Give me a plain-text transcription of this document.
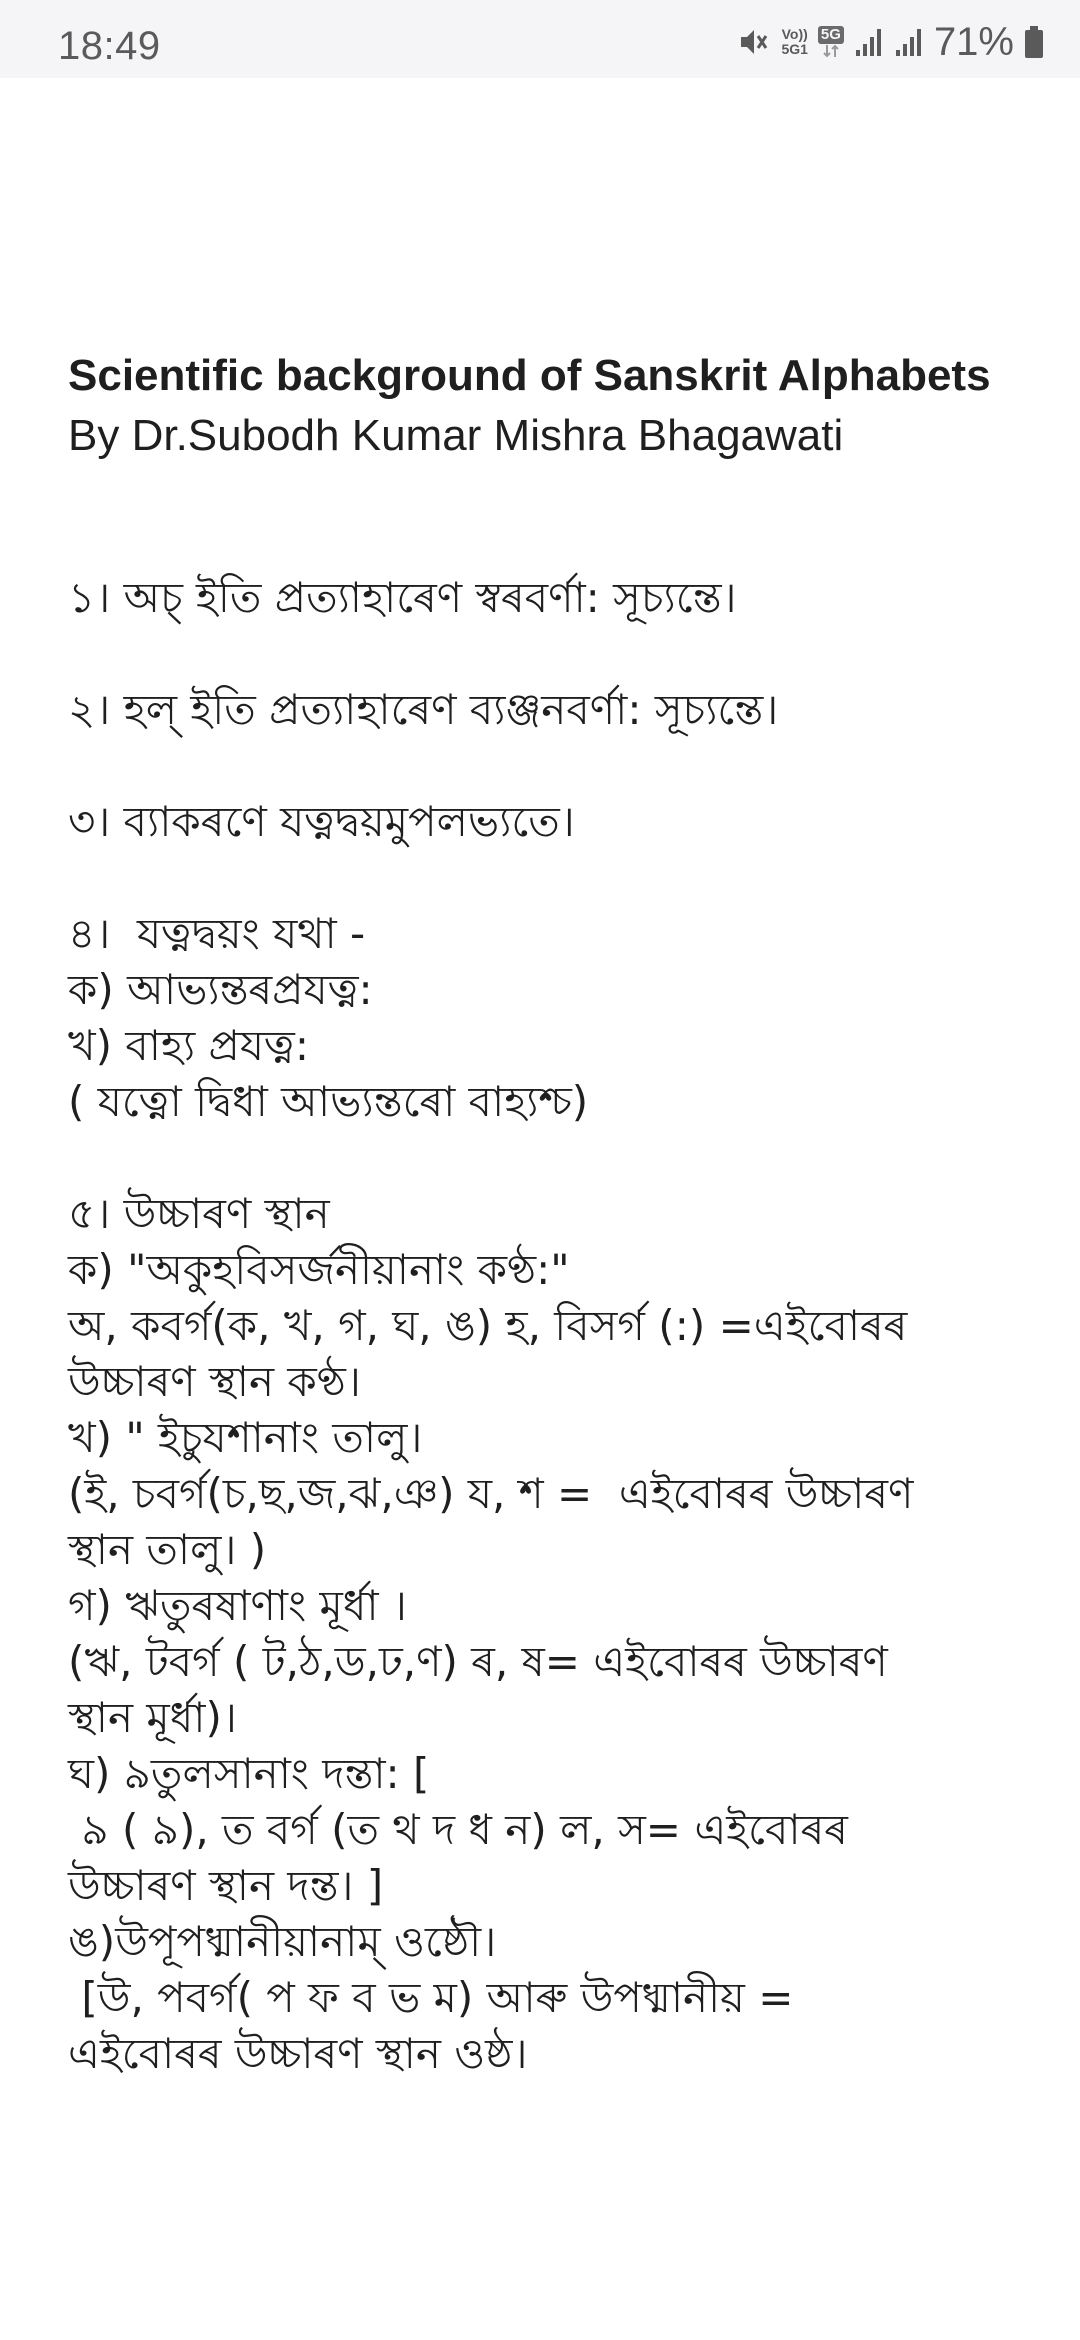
18:49	Vo))
5G1
5G 71%
Scientific background of Sanskrit Alphabets

By Dr.Subodh Kumar Mishra Bhagawati

১। অচ্ ইতি প্ৰত্যাহাৰেণ স্বৰবৰ্ণা: সূচ্যন্তে।
২। হল্ ইতি প্ৰত্যাহাৰেণ ব্যঞ্জনবৰ্ণা: সূচ্যন্তে।
৩। ব্যাকৰণে যত্নদ্বয়মুপলভ্যতে।
৪।  যত্নদ্বয়ং যথা -
ক) আভ্যন্তৰপ্ৰযত্ন:
খ) বাহ্য প্ৰযত্ন:
( যত্নো দ্বিধা আভ্যন্তৰো বাহ্যশ্চ)
৫। উচ্চাৰণ স্থান
ক) "অকুহবিসৰ্জনীয়ানাং কণ্ঠ:"
অ, কবৰ্গ(ক, খ, গ, ঘ, ঙ) হ, বিসৰ্গ (:) =এইবোৰৰ
উচ্চাৰণ স্থান কণ্ঠ।
খ) " ইচুযশানাং তালু।
(ই, চবৰ্গ(চ,ছ,জ,ঝ,ঞ) য, শ =  এইবোৰৰ উচ্চাৰণ
স্থান তালু। )
গ) ঋতুৰষাণাং মূৰ্ধা ।
(ঋ, টবৰ্গ ( ট,ঠ,ড,ঢ,ণ) ৰ, ষ= এইবোৰৰ উচ্চাৰণ
স্থান মূৰ্ধা)।
ঘ) ৯তুলসানাং দন্তা: [
৯ ( ৯), ত বৰ্গ (ত থ দ ধ ন) ল, স= এইবোৰৰ
উচ্চাৰণ স্থান দন্ত। ]
ঙ)উপূপধ্মানীয়ানাম্ ওষ্ঠৌ।
[উ, পবৰ্গ( প ফ ব ভ ম) আৰু উপধ্মানীয় =
এইবোৰৰ উচ্চাৰণ স্থান ওষ্ঠ।
